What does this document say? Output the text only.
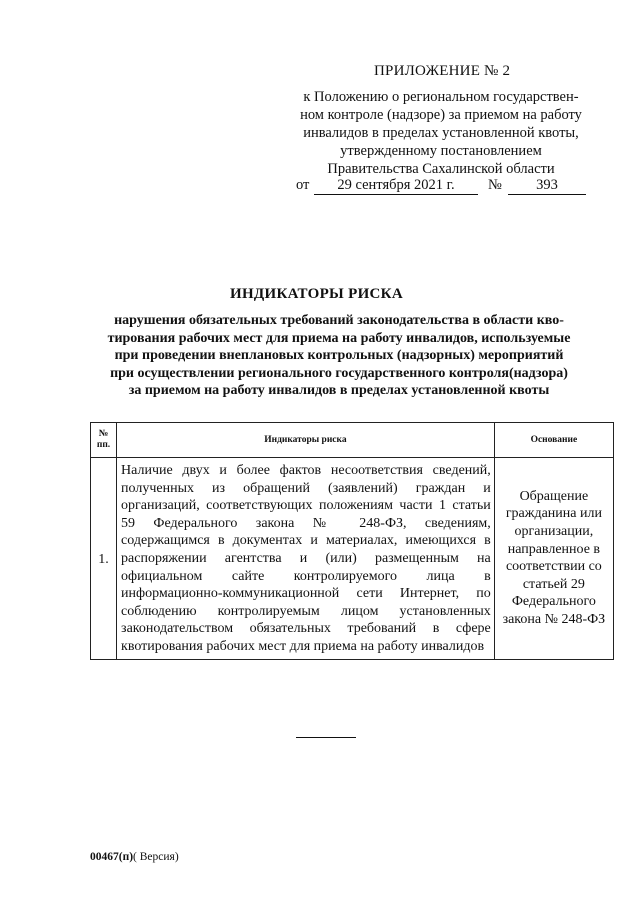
ПРИЛОЖЕНИЕ № 2
к Положению о региональном государствен-
ном контроле (надзоре) за приемом на работу
инвалидов в пределах установленной квоты,
утвержденному постановлением
Правительства Сахалинской области
от	29 сентября 2021 г.	№	393
ИНДИКАТОРЫ РИСКА
нарушения обязательных требований законодательства в области кво-
тирования рабочих мест для приема на работу инвалидов, используемые
при проведении внеплановых контрольных (надзорных) мероприятий
при осуществлении регионального государственного контроля(надзора)
за приемом на работу инвалидов в пределах установленной квоты
№
пп.	Индикаторы риска	Основание
1.	Наличие двух и более фактов несоответствия сведений, полученных из обращений (заявлений) граждан и организаций, соответствующих положениям части 1 статьи 59 Федерального закона № 248-ФЗ, сведениям, содержащимся в документах и материалах, имеющихся в распоряжении агентства и (или) размещенным на официальном сайте контролируемого лица в информационно-коммуникационной сети Интернет, по соблюдению контролируемым лицом установленных законодательством обязательных требований в сфере квотирования рабочих мест для приема на работу инвалидов	Обращение гражданина или организации, направленное в соответствии со статьей 29 Федерального закона № 248-ФЗ
00467(п)( Версия)
